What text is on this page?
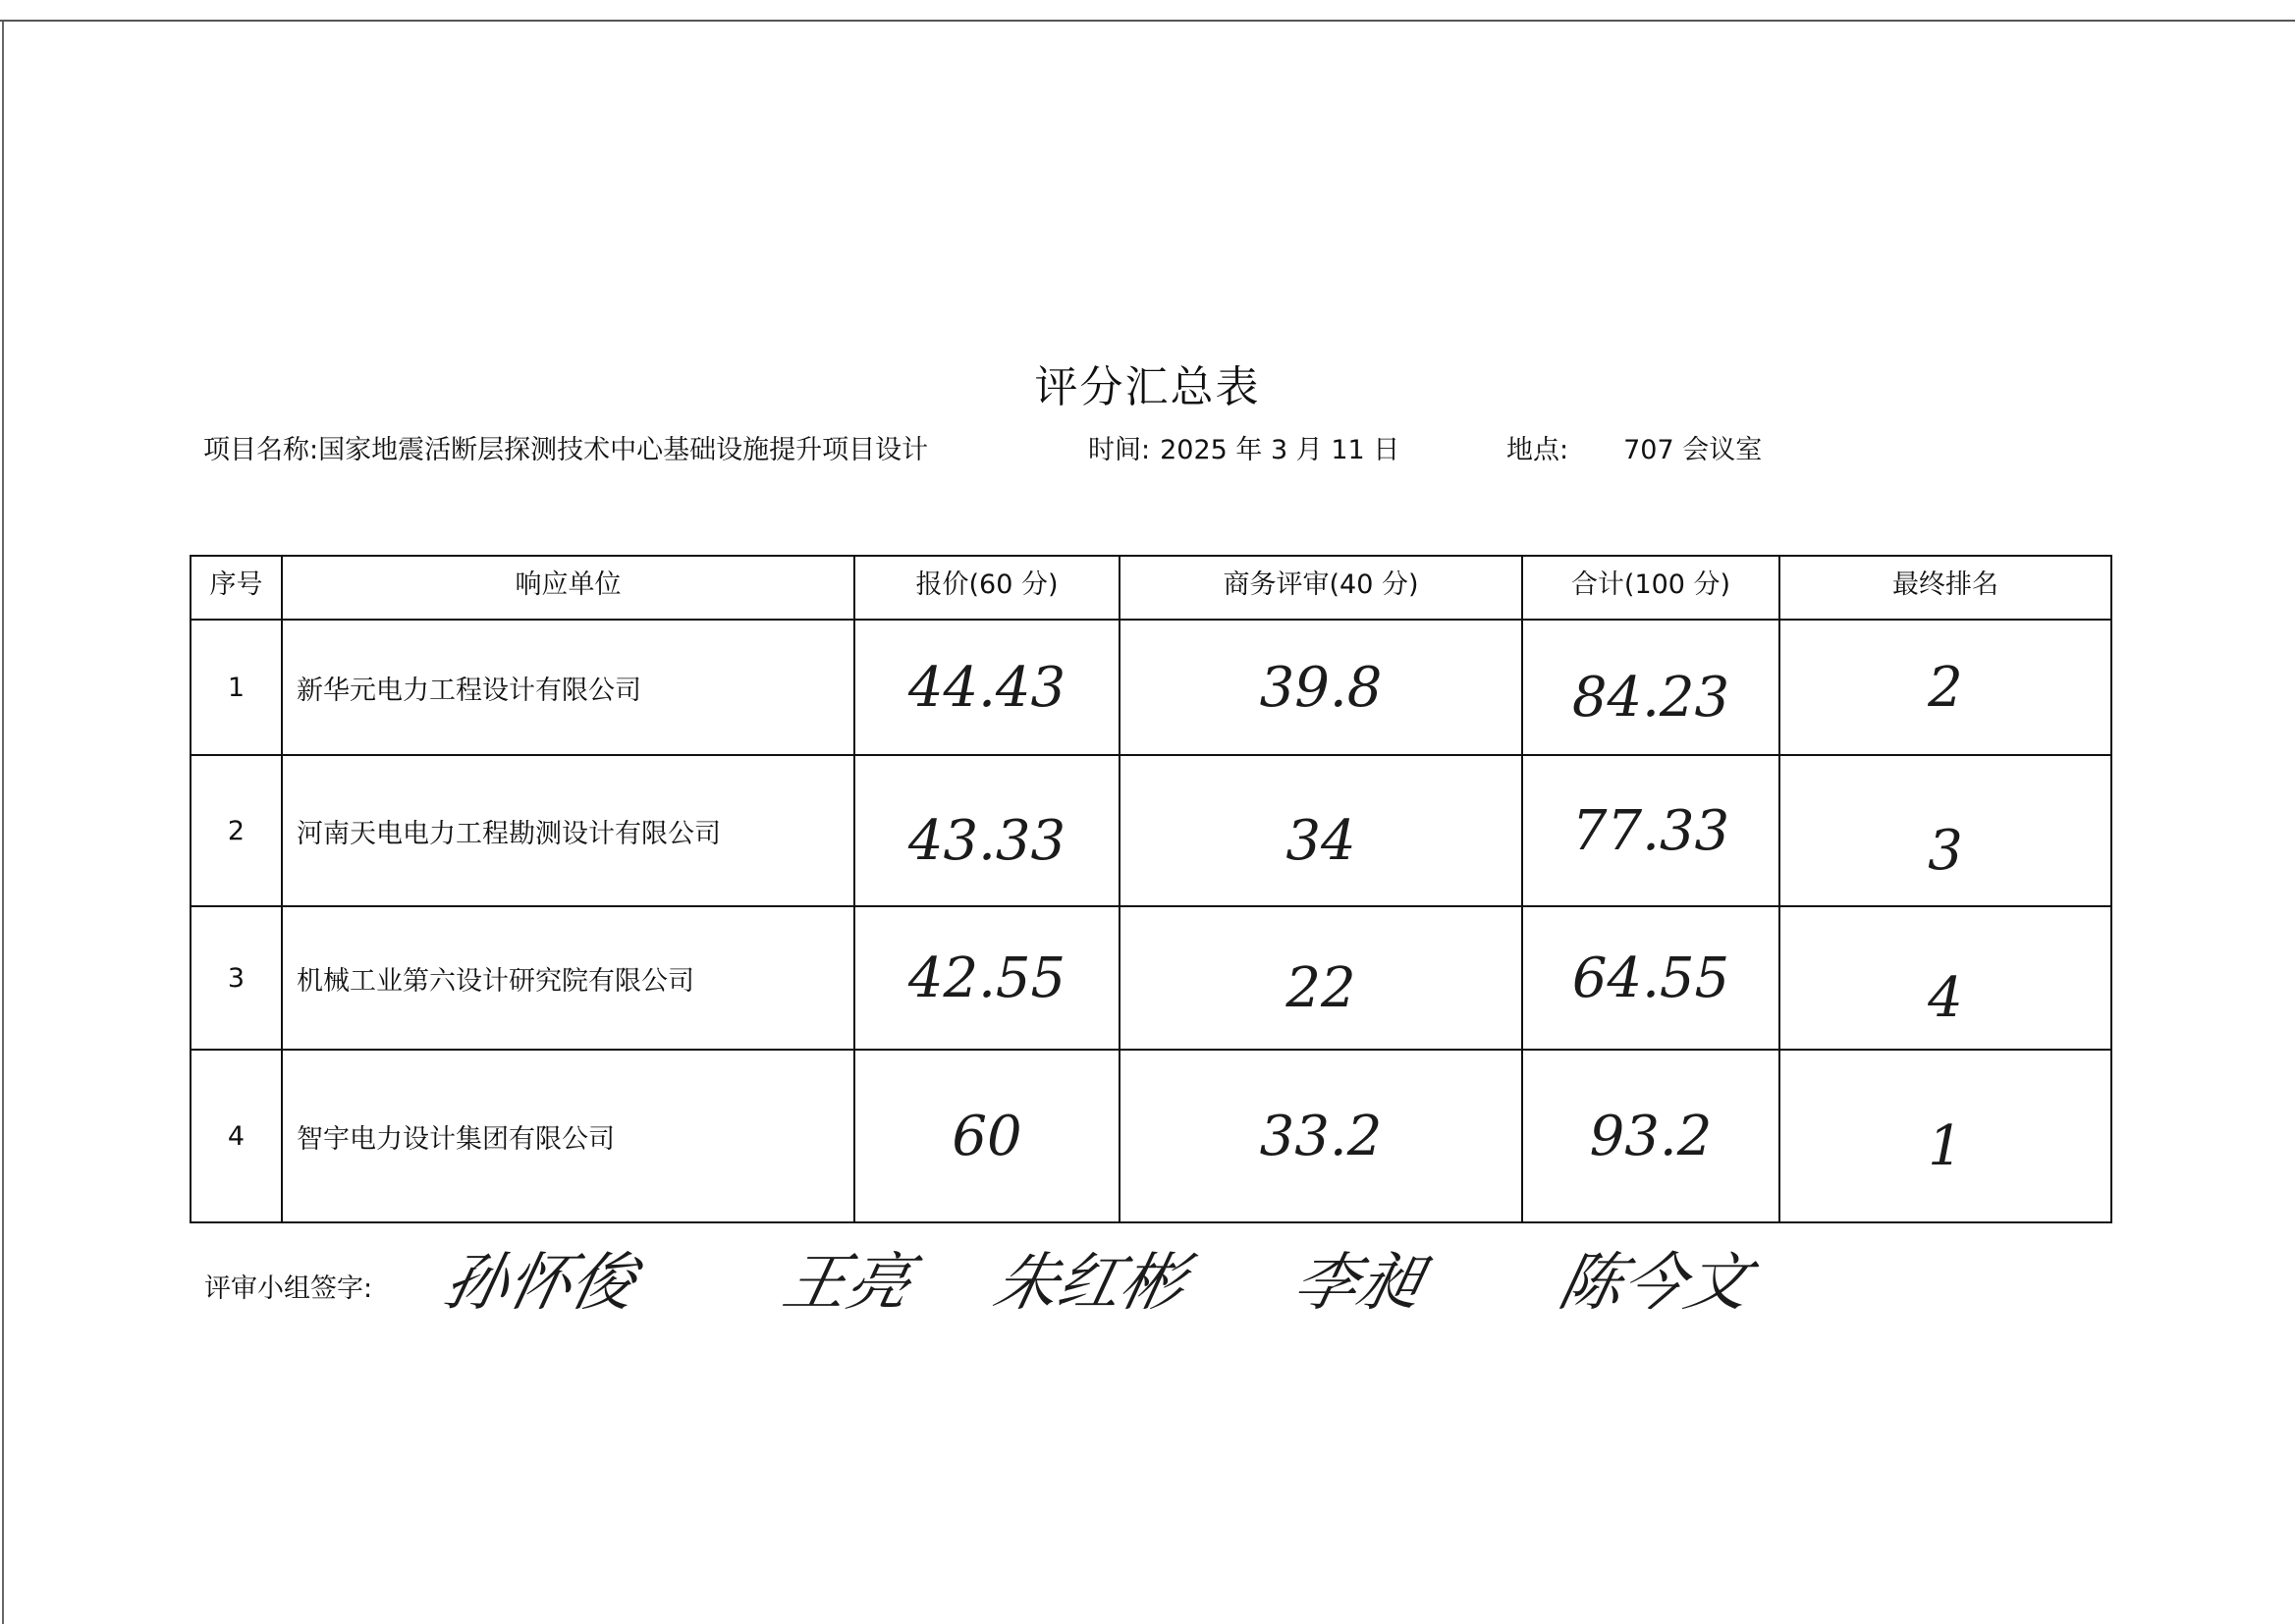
评分汇总表
项目名称:国家地震活断层探测技术中心基础设施提升项目设计	时间: 2025 年 3 月 11 日	地点: 707 会议室
序号	响应单位	报价(60 分)	商务评审(40 分)	合计(100 分)	最终排名
1	新华元电力工程设计有限公司	44.43	39.8	84.23	2
2	河南天电电力工程勘测设计有限公司	43.33	34	77.33	3
3	机械工业第六设计研究院有限公司	42.55	22	64.55	4
4	智宇电力设计集团有限公司	60	33.2	93.2	1
评审小组签字: 孙怀俊 王亮 朱红彬 李昶 陈今文
